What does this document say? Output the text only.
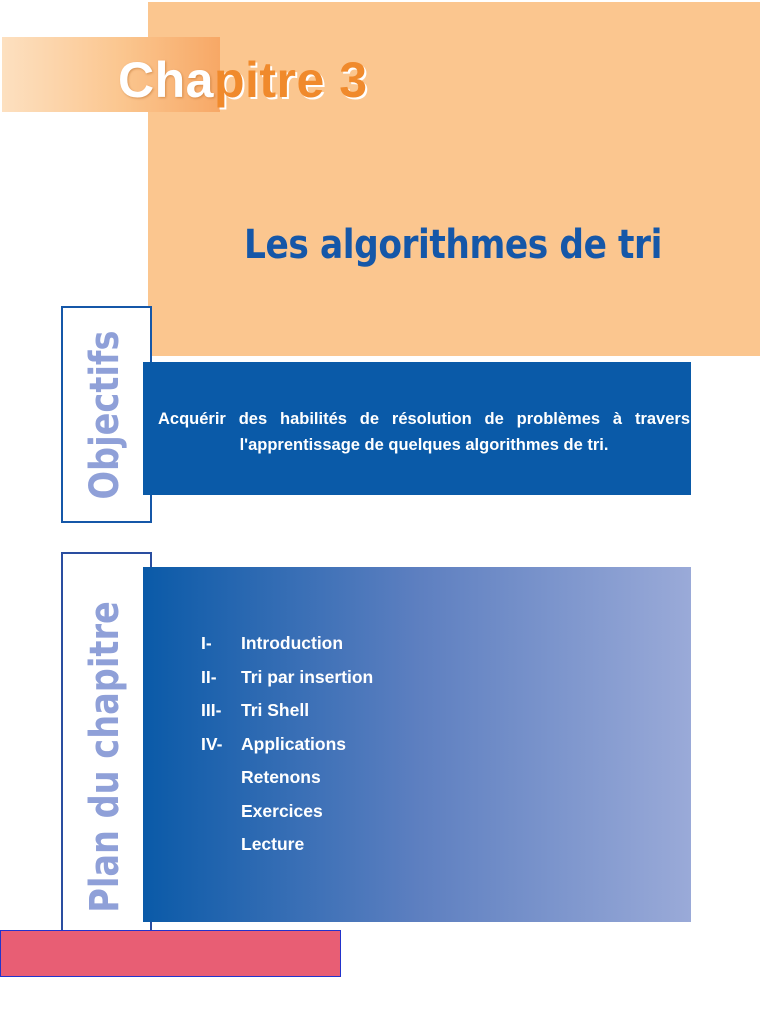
Chapitre 3
Les algorithmes de tri

Objectifs Acquérir des habilités de résolution de problèmes à travers l'apprentissage de quelques algorithmes de tri.

Plan du chapitre	I-	Introduction
II-	Tri par insertion
III-	Tri Shell
IV-	Applications
Retenons
Exercices
Lecture
